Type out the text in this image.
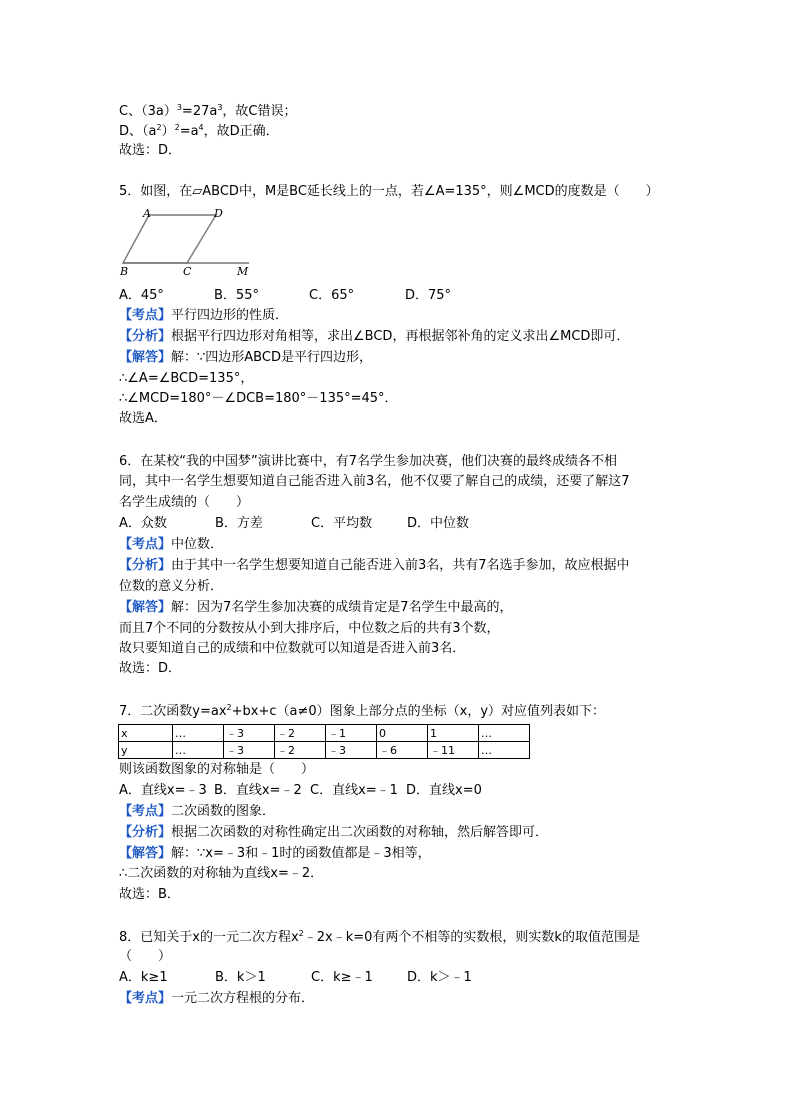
C、$(3a)^3=27a^3$，故C错误；
D、$(a^2)^2=a^4$，故D正确．
故选：D．
5．如图，在▱ABCD中，M是BC延长线上的一点，若∠A=135°，则∠MCD的度数是（　　）
A	D
B	C	M
A．45°	B．55°	C．65°	D．75°
【考点】平行四边形的性质．
【分析】根据平行四边形对角相等，求出∠BCD，再根据邻补角的定义求出∠MCD即可．
【解答】解：∵四边形ABCD是平行四边形，
∴∠A=∠BCD=135°，
∴∠MCD=180°－∠DCB=180°－135°=45°．
故选A．
6．在某校“我的中国梦”演讲比赛中，有7名学生参加决赛，他们决赛的最终成绩各不相
同，其中一名学生想要知道自己能否进入前3名，他不仅要了解自己的成绩，还要了解这7
名学生成绩的（　　）
A．众数	B．方差	C．平均数	D．中位数
【考点】中位数．
【分析】由于其中一名学生想要知道自己能否进入前3名，共有7名选手参加，故应根据中
位数的意义分析．
【解答】解：因为7名学生参加决赛的成绩肯定是7名学生中最高的，
而且7个不同的分数按从小到大排序后，中位数之后的共有3个数，
故只要知道自己的成绩和中位数就可以知道是否进入前3名．
故选：D．
7．二次函数$y=ax^2+bx+c(a\ne 0)$图象上部分点的坐标（x，y）对应值列表如下：
x	…	﹣3	﹣2	﹣1	0	1	…
y	…	﹣3	﹣2	﹣3	﹣6	﹣11	…
则该函数图象的对称轴是（　　）
A．直线x=﹣3 B．直线x=﹣2 C．直线x=﹣1 D．直线x=0
【考点】二次函数的图象．
【分析】根据二次函数的对称性确定出二次函数的对称轴，然后解答即可．
【解答】解：∵x=﹣3和﹣1时的函数值都是﹣3相等，
∴二次函数的对称轴为直线x=﹣2．
故选：B．
8．已知关于x的一元二次方程$x^2﹣2x﹣k=0$有两个不相等的实数根，则实数k的取值范围是
（　　）
A．k≥1	B．k＞1	C．k≥﹣1	D．k＞﹣1
【考点】一元二次方程根的分布．
